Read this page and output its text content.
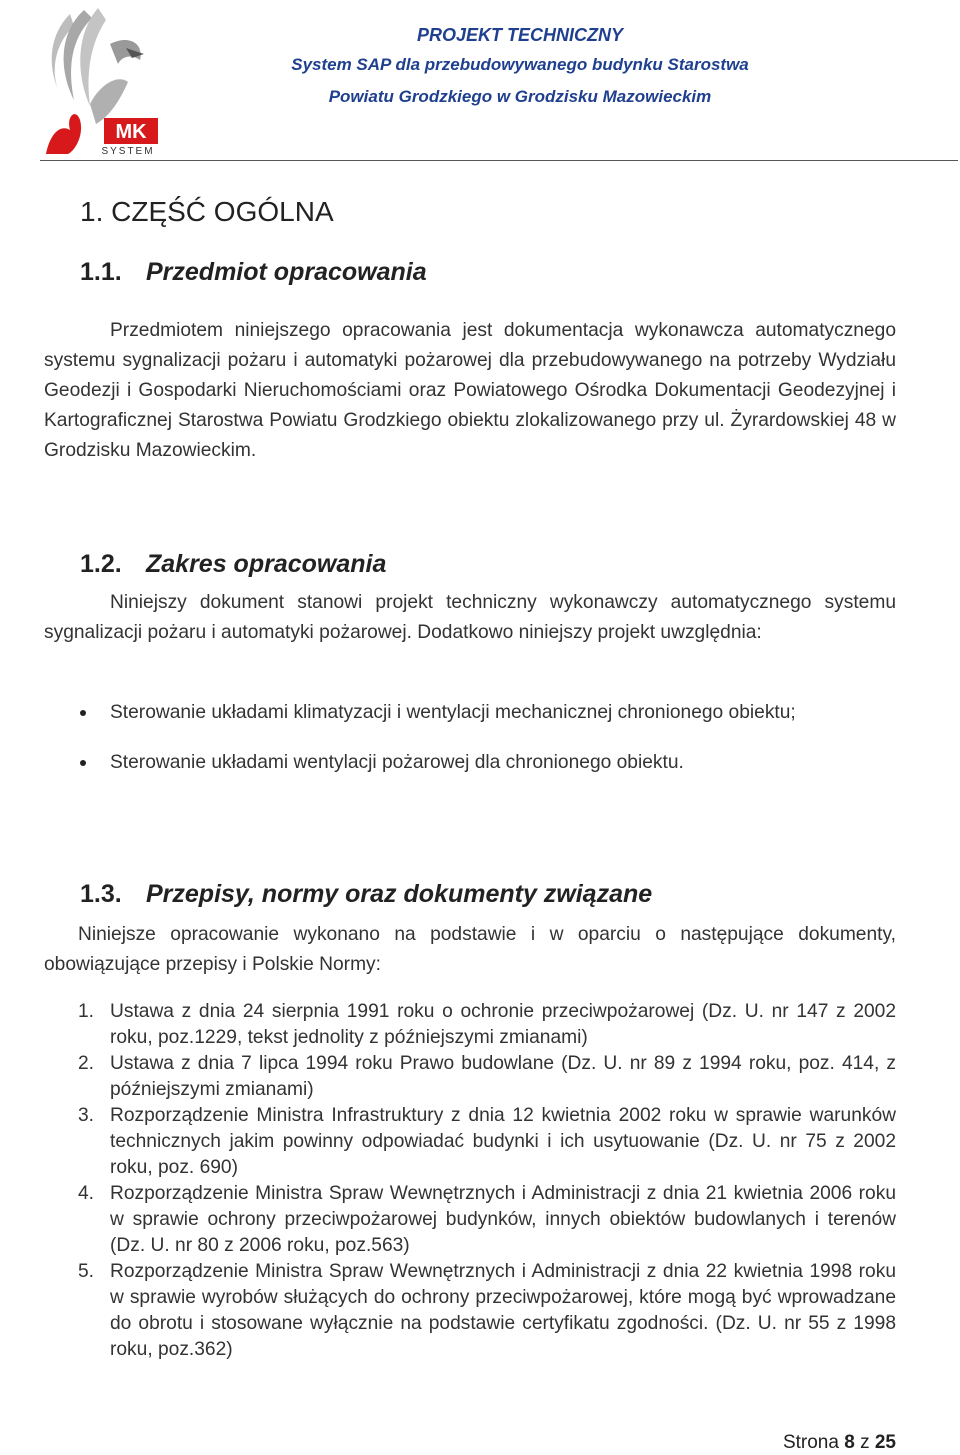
MK
SYSTEM
PROJEKT TECHNICZNY
System SAP dla przebudowywanego budynku Starostwa
Powiatu Grodzkiego w Grodzisku Mazowieckim
1. CZĘŚĆ OGÓLNA
1.1. Przedmiot opracowania
Przedmiotem niniejszego opracowania jest dokumentacja wykonawcza automatycznego systemu sygnalizacji pożaru i automatyki pożarowej dla przebudowywanego na potrzeby Wydziału Geodezji i Gospodarki Nieruchomościami oraz Powiatowego Ośrodka Dokumentacji Geodezyjnej i Kartograficznej Starostwa Powiatu Grodzkiego obiektu zlokalizowanego przy ul. Żyrardowskiej 48 w Grodzisku Mazowieckim.
1.2. Zakres opracowania
Niniejszy dokument stanowi projekt techniczny wykonawczy automatycznego systemu sygnalizacji pożaru i automatyki pożarowej. Dodatkowo niniejszy projekt uwzględnia:
Sterowanie układami klimatyzacji i wentylacji mechanicznej chronionego obiektu;
Sterowanie układami wentylacji pożarowej dla chronionego obiektu.
1.3. Przepisy, normy oraz dokumenty związane
Niniejsze opracowanie wykonano na podstawie i w oparciu o następujące dokumenty, obowiązujące przepisy i Polskie Normy:
1. Ustawa z dnia 24 sierpnia 1991 roku o ochronie przeciwpożarowej (Dz. U. nr 147 z 2002 roku, poz.1229, tekst jednolity z późniejszymi zmianami)
2. Ustawa z dnia 7 lipca 1994 roku Prawo budowlane (Dz. U. nr 89 z 1994 roku, poz. 414, z późniejszymi zmianami)
3. Rozporządzenie Ministra Infrastruktury z dnia 12 kwietnia 2002 roku w sprawie warunków technicznych jakim powinny odpowiadać budynki i ich usytuowanie (Dz. U. nr 75 z 2002 roku, poz. 690)
4. Rozporządzenie Ministra Spraw Wewnętrznych i Administracji z dnia 21 kwietnia 2006 roku w sprawie ochrony przeciwpożarowej budynków, innych obiektów budowlanych i terenów (Dz. U. nr 80 z 2006 roku, poz.563)
5. Rozporządzenie Ministra Spraw Wewnętrznych i Administracji z dnia 22 kwietnia 1998 roku w sprawie wyrobów służących do ochrony przeciwpożarowej, które mogą być wprowadzane do obrotu i stosowane wyłącznie na podstawie certyfikatu zgodności. (Dz. U. nr 55 z 1998 roku, poz.362)
Strona 8 z 25
